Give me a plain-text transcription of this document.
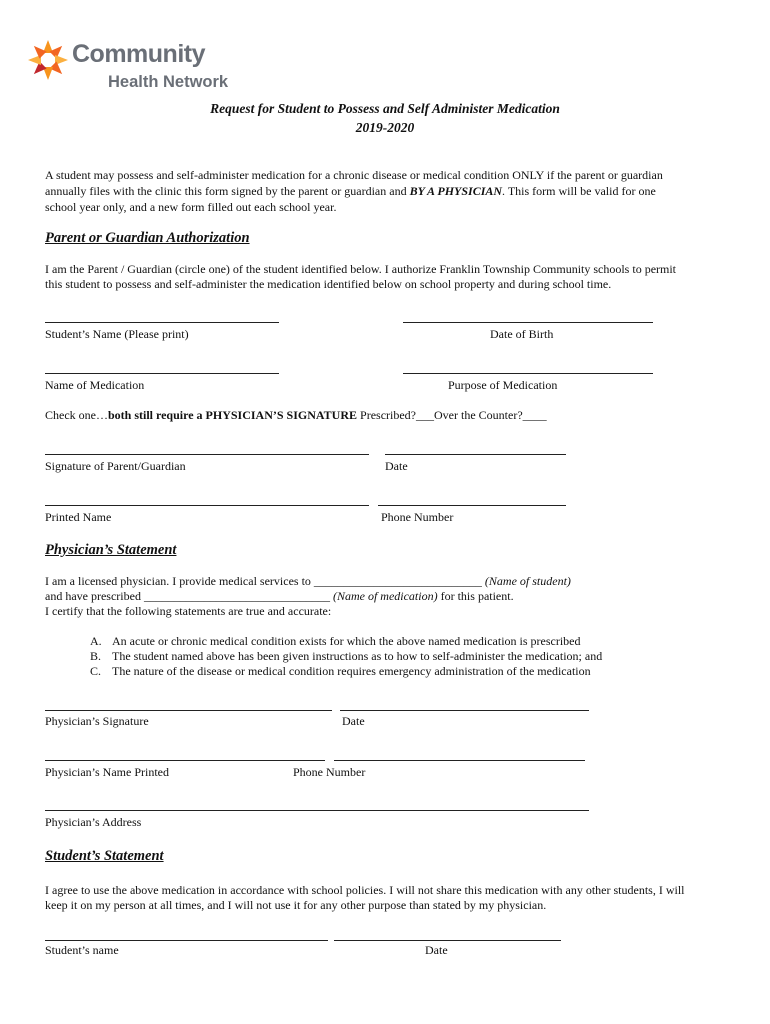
Community
Health Network
Request for Student to Possess and Self Administer Medication
2019-2020
A student may possess and self-administer medication for a chronic disease or medical condition ONLY if the parent or guardian
annually files with the clinic this form signed by the parent or guardian and BY A PHYSICIAN. This form will be valid for one
school year only, and a new form filled out each school year.
Parent or Guardian Authorization
I am the Parent / Guardian (circle one) of the student identified below. I authorize Franklin Township Community schools to permit
this student to possess and self-administer the medication identified below on school property and during school time.
Student’s Name (Please print)	Date of Birth
Name of Medication	Purpose of Medication
Check one…both still require a PHYSICIAN’S SIGNATURE Prescribed?___Over the Counter?____
Signature of Parent/Guardian	Date
Printed Name	Phone Number
Physician’s Statement
I am a licensed physician. I provide medical services to ____________________________ (Name of student)
and have prescribed _______________________________ (Name of medication) for this patient.
I certify that the following statements are true and accurate:
A. An acute or chronic medical condition exists for which the above named medication is prescribed
B. The student named above has been given instructions as to how to self-administer the medication; and
C. The nature of the disease or medical condition requires emergency administration of the medication
Physician’s Signature	Date
Physician’s Name Printed	Phone Number
Physician’s Address
Student’s Statement
I agree to use the above medication in accordance with school policies. I will not share this medication with any other students, I will
keep it on my person at all times, and I will not use it for any other purpose than stated by my physician.
Student’s name	Date
